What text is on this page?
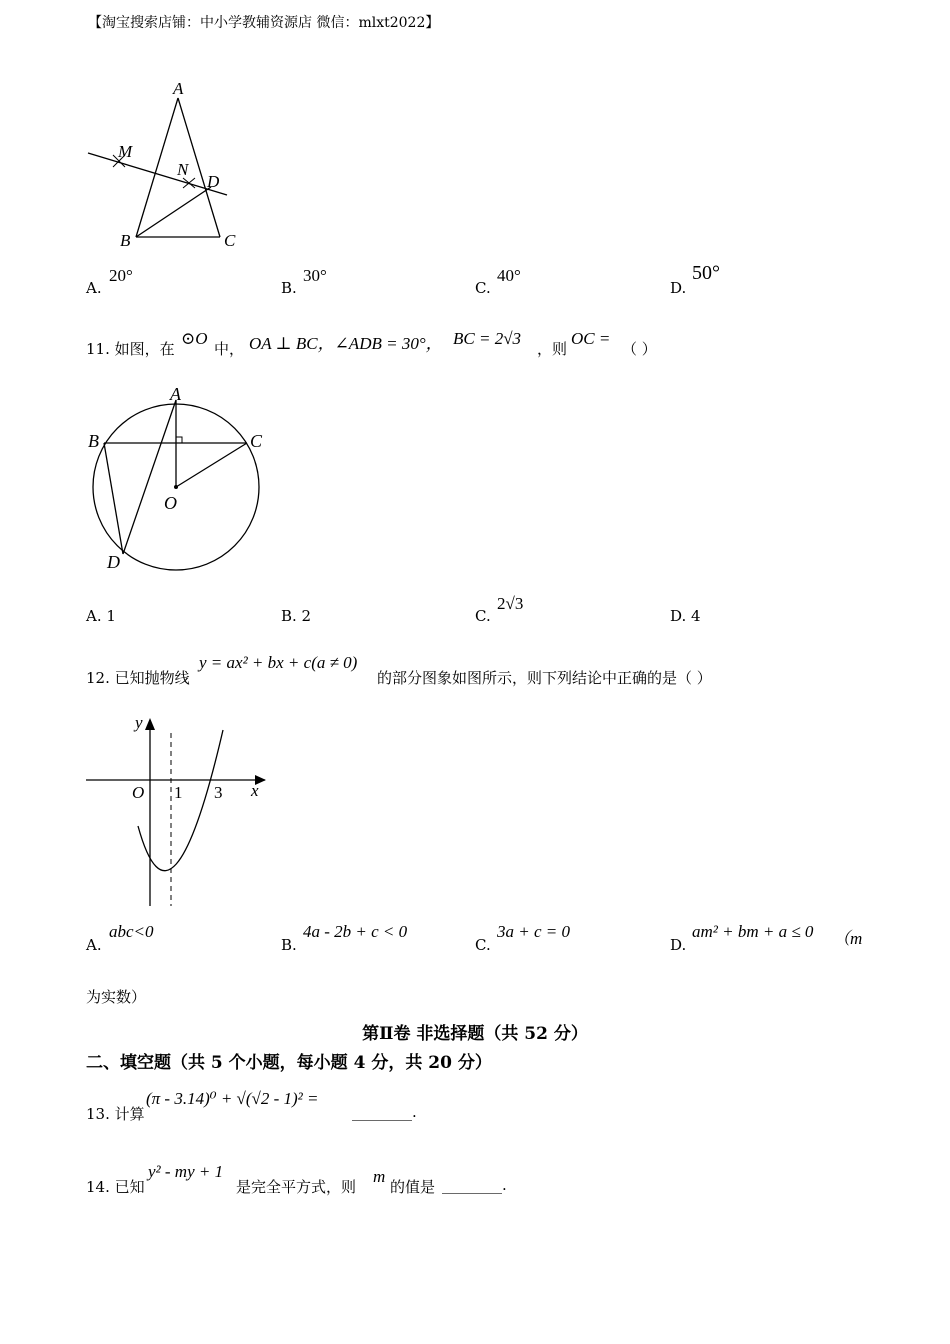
【淘宝搜索店铺：中小学教辅资源店 微信：mlxt2022】
A
M
N
D
B	C
A.
20°
B.
30°
C.
40°
D.
50°
11. 如图，在
⊙O
中， OA ⊥ BC，∠ADB = 30°， BC = 2√3
，则
OC =
（ ）
A
B	C
O
D
A. 1	B. 2	C.
2√3
D. 4
12. 已知抛物线
y = ax² + bx + c(a ≠ 0)
的部分图象如图所示，则下列结论中正确的是（ ）
y
O 1 3 x
A.
abc<0
B.
4a - 2b + c < 0
C.
3a + c = 0
D.
am² + bm + a ≤ 0 （m
为实数）
第Ⅱ卷 非选择题（共 52 分）
二、填空题（共 5 个小题，每小题 4 分，共 20 分）
13. 计算
(π - 3.14)⁰ + √(√2 - 1)² =
________.
14. 已知
y² - my + 1
是完全平方式，则
m
的值是 ________.
